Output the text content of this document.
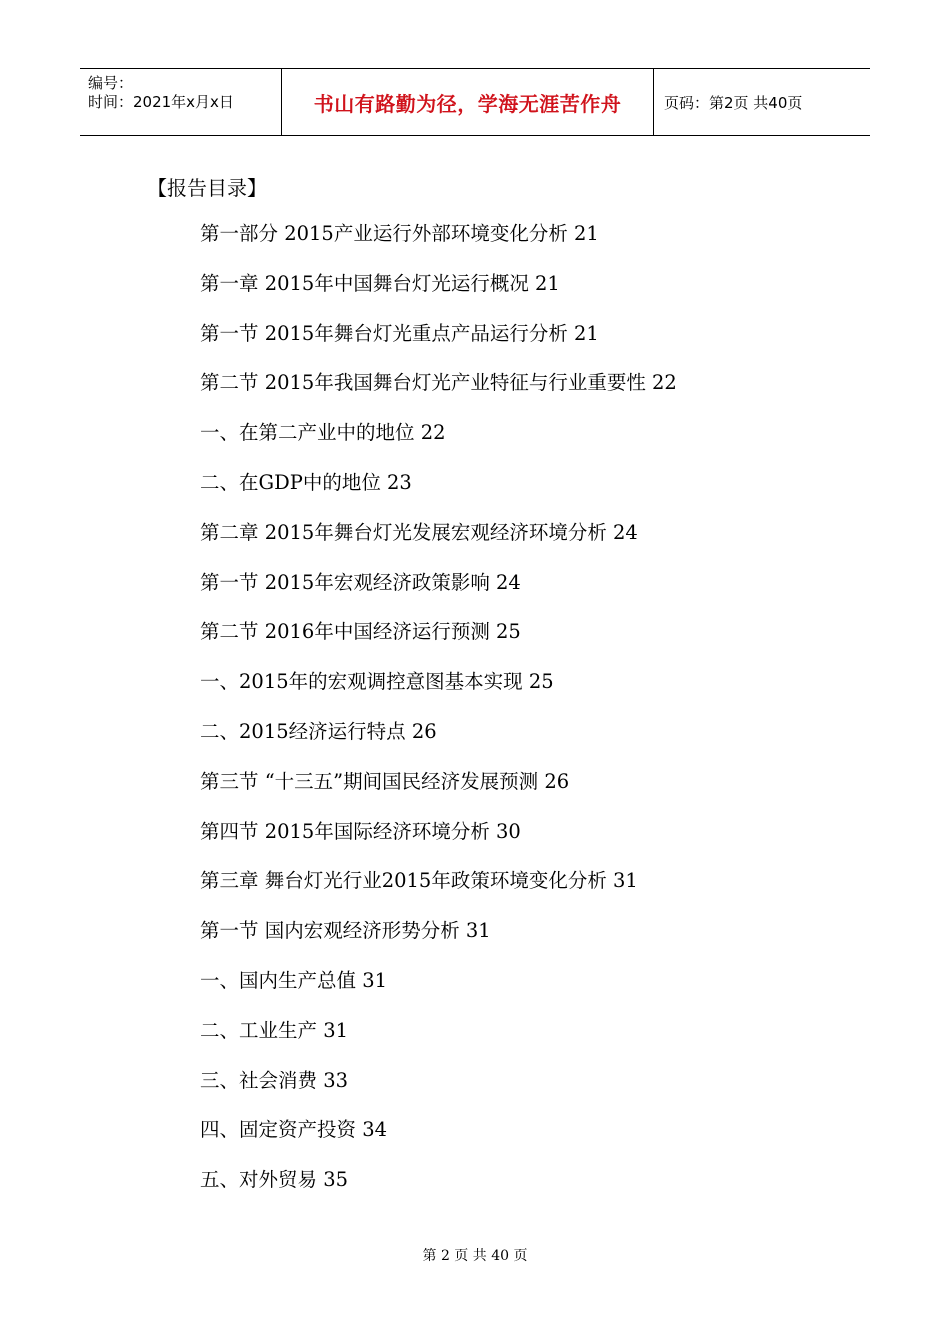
编号：
时间：2021年x月x日	书山有路勤为径，学海无涯苦作舟	页码：第2页 共40页
【报告目录】
第一部分 2015产业运行外部环境变化分析 21
第一章 2015年中国舞台灯光运行概况 21
第一节 2015年舞台灯光重点产品运行分析 21
第二节 2015年我国舞台灯光产业特征与行业重要性 22
一、在第二产业中的地位 22
二、在GDP中的地位 23
第二章 2015年舞台灯光发展宏观经济环境分析 24
第一节 2015年宏观经济政策影响 24
第二节 2016年中国经济运行预测 25
一、2015年的宏观调控意图基本实现 25
二、2015经济运行特点 26
第三节 “十三五”期间国民经济发展预测 26
第四节 2015年国际经济环境分析 30
第三章 舞台灯光行业2015年政策环境变化分析 31
第一节 国内宏观经济形势分析 31
一、国内生产总值 31
二、工业生产 31
三、社会消费 33
四、固定资产投资 34
五、对外贸易 35
第 2 页 共 40 页
